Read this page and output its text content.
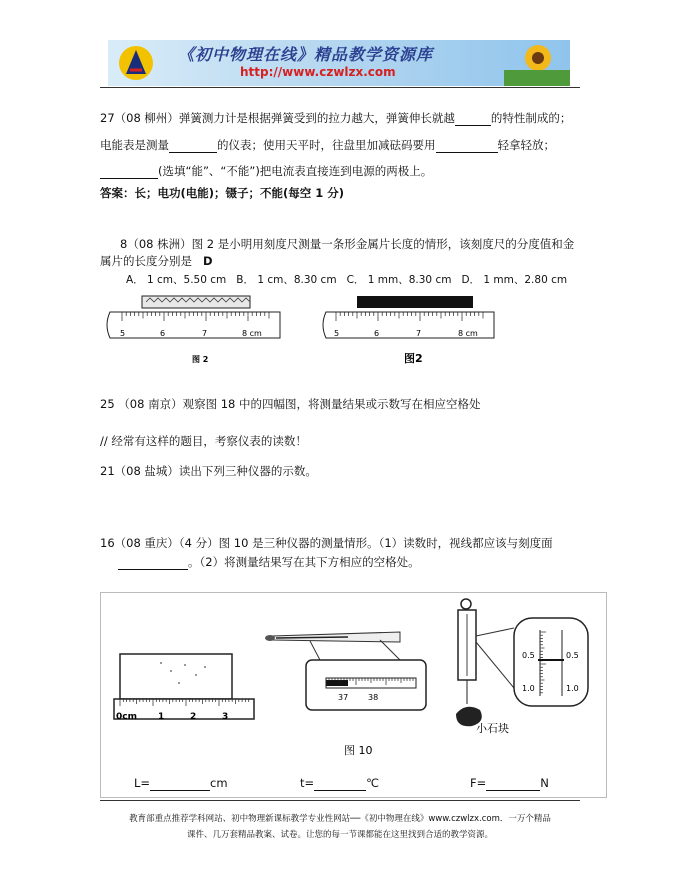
《初中物理在线》精品教学资源库
http://www.czwlzx.com
27（08 柳州）弹簧测力计是根据弹簧受到的拉力越大，弹簧伸长就越	的特性制成的；
电能表是测量	的仪表；使用天平时，往盘里加减砝码要用	轻拿轻放；
(选填“能”、“不能”)把电流表直接连到电源的两极上。
答案：长；电功(电能)；镊子；不能(每空 1 分)
8（08 株洲）图 2 是小明用刻度尺测量一条形金属片长度的情形，该刻度尺的分度值和金
属片的长度分别是 D
A． 1 cm、5.50 cm B． 1 cm、8.30 cm C． 1 mm、8.30 cm D． 1 mm、2.80 cm
5	6	7	8 cm	5	6	7	8 cm
图 2	图2
25 （08 南京）观察图 18 中的四幅图，将测量结果或示数写在相应空格处
// 经常有这样的题目，考察仪表的读数！
21（08 盐城）读出下列三种仪器的示数。
16（08 重庆）（4 分）图 10 是三种仪器的测量情形。（1）读数时，视线都应该与刻度面
。（2）将测量结果写在其下方相应的空格处。
0cm 1	2	3
37 38
小石块
0.5	0.5
1.0	1.0
图 10
L=	cm	t=	℃	F=	N
教育部重点推荐学科网站、初中物理新课标教学专业性网站──《初中物理在线》www.czwlzx.com．一万个精品
课件、几万套精品教案、试卷。让您的每一节课都能在这里找到合适的教学资源。
